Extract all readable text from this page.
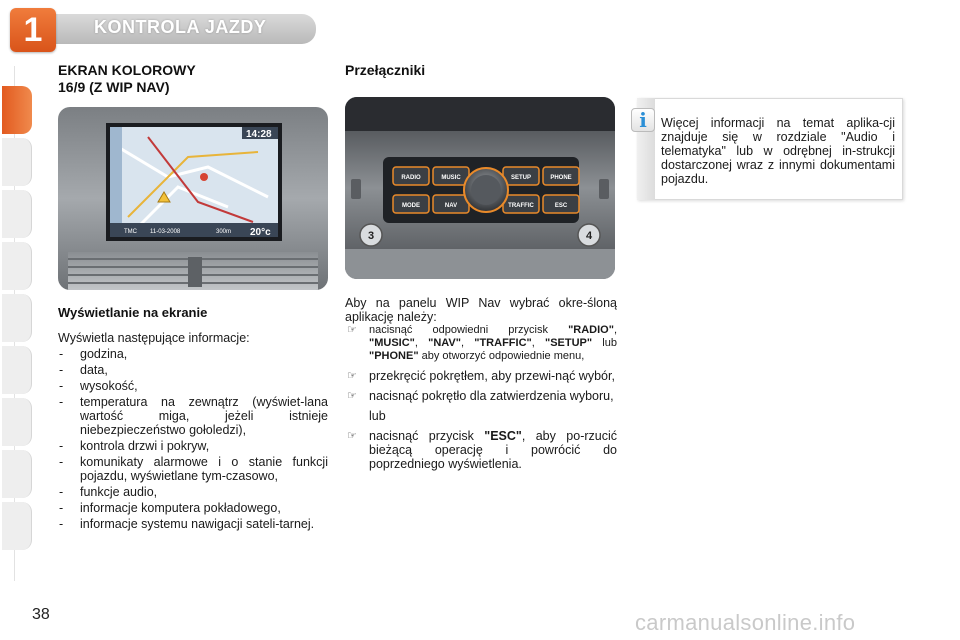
1	KONTROLA JAZDY
EKRAN KOLOROWY
16/9 (Z WIP NAV)
14:28
TMC 11-03-2008	300m 20°c
Wyświetlanie na ekranie
Wyświetla następujące informacje:
- godzina,
- data,
- wysokość,
- temperatura na zewnątrz (wyświet-lana wartość miga, jeżeli istnieje niebezpieczeństwo gołoledzi),
- kontrola drzwi i pokryw,
- komunikaty alarmowe i o stanie funkcji pojazdu, wyświetlane tym-czasowo,
- funkcje audio,
- informacje komputera pokładowego,
- informacje systemu nawigacji sateli-tarnej.
Przełączniki
RADIO	MUSIC
MODE	NAV
SETUP	PHONE
TRAFFIC	ESC
3	4
Aby na panelu WIP Nav wybrać okre-śloną aplikację należy:
☞ nacisnąć odpowiedni przycisk "RADIO", "MUSIC", "NAV", "TRAFFIC", "SETUP" lub "PHONE" aby otworzyć odpowiednie menu,
☞ przekręcić pokrętłem, aby przewi-nąć wybór,
☞ nacisnąć pokrętło dla zatwierdzenia wyboru,
lub
☞ nacisnąć przycisk "ESC", aby po-rzucić bieżącą operację i powrócić do poprzedniego wyświetlenia.
i	Więcej informacji na temat aplika-cji znajduje się w rozdziale "Audio i telematyka" lub w odrębnej in-strukcji dostarczonej wraz z innymi dokumentami pojazdu.
38	carmanualsonline.info
